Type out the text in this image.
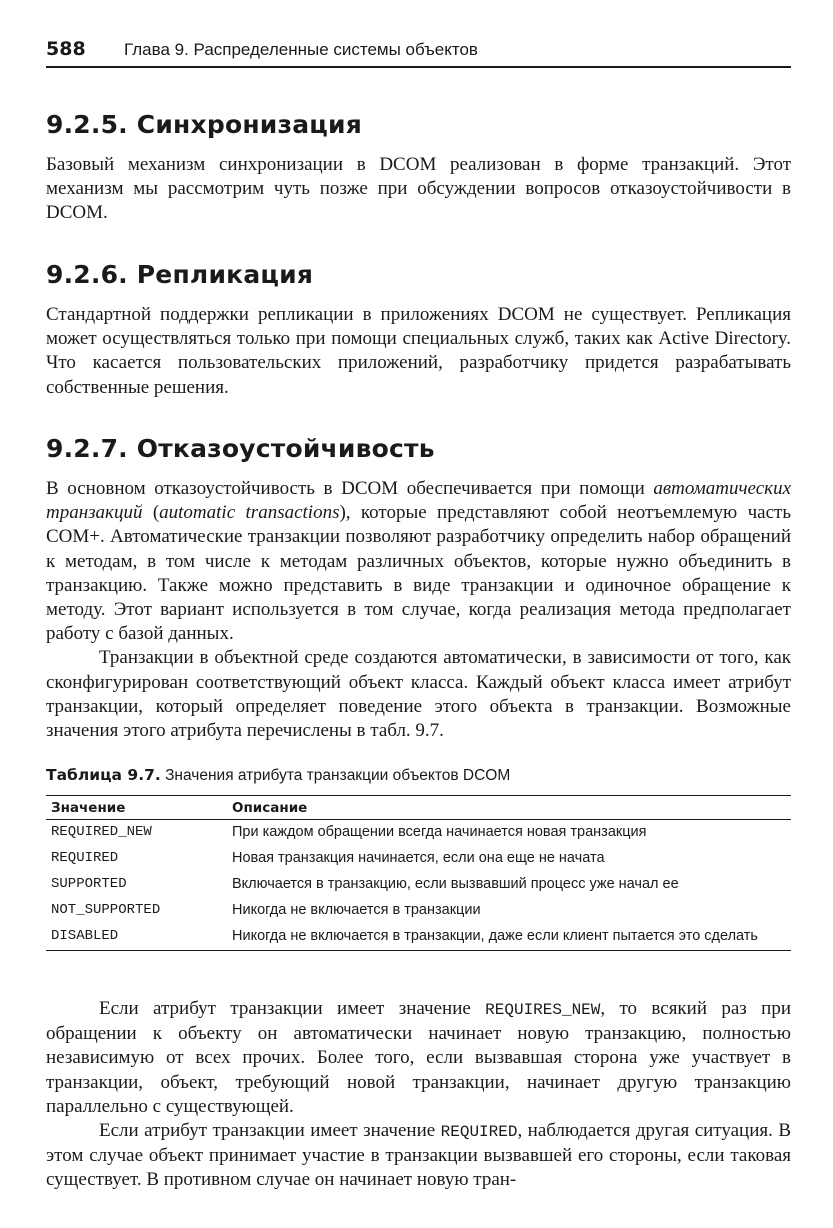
588 Глава 9. Распределенные системы объектов
9.2.5. Синхронизация

Базовый механизм синхронизации в DCOM реализован в форме транзакций. Этот механизм мы рассмотрим чуть позже при обсуждении вопросов отказоустойчивости в DCOM.

9.2.6. Репликация

Стандартной поддержки репликации в приложениях DCOM не существует. Репликация может осуществляться только при помощи специальных служб, таких как Active Directory. Что касается пользовательских приложений, разработчику придется разрабатывать собственные решения.

9.2.7. Отказоустойчивость

В основном отказоустойчивость в DCOM обеспечивается при помощи автоматических транзакций (automatic transactions), которые представляют собой неотъемлемую часть COM+. Автоматические транзакции позволяют разработчику определить набор обращений к методам, в том числе к методам различных объектов, которые нужно объединить в транзакцию. Также можно представить в виде транзакции и одиночное обращение к методу. Этот вариант используется в том случае, когда реализация метода предполагает работу с базой данных.

Транзакции в объектной среде создаются автоматически, в зависимости от того, как сконфигурирован соответствующий объект класса. Каждый объект класса имеет атрибут транзакции, который определяет поведение этого объекта в транзакции. Возможные значения этого атрибута перечислены в табл. 9.7.

Таблица 9.7. Значения атрибута транзакции объектов DCOM
Значение	Описание
REQUIRED_NEW	При каждом обращении всегда начинается новая транзакция
REQUIRED	Новая транзакция начинается, если она еще не начата
SUPPORTED	Включается в транзакцию, если вызвавший процесс уже начал ее
NOT_SUPPORTED	Никогда не включается в транзакции
DISABLED	Никогда не включается в транзакции, даже если клиент пытается это сделать

Если атрибут транзакции имеет значение REQUIRES_NEW, то всякий раз при обращении к объекту он автоматически начинает новую транзакцию, полностью независимую от всех прочих. Более того, если вызвавшая сторона уже участвует в транзакции, объект, требующий новой транзакции, начинает другую транзакцию параллельно с существующей.

Если атрибут транзакции имеет значение REQUIRED, наблюдается другая ситуация. В этом случае объект принимает участие в транзакции вызвавшей его стороны, если таковая существует. В противном случае он начинает новую тран-
